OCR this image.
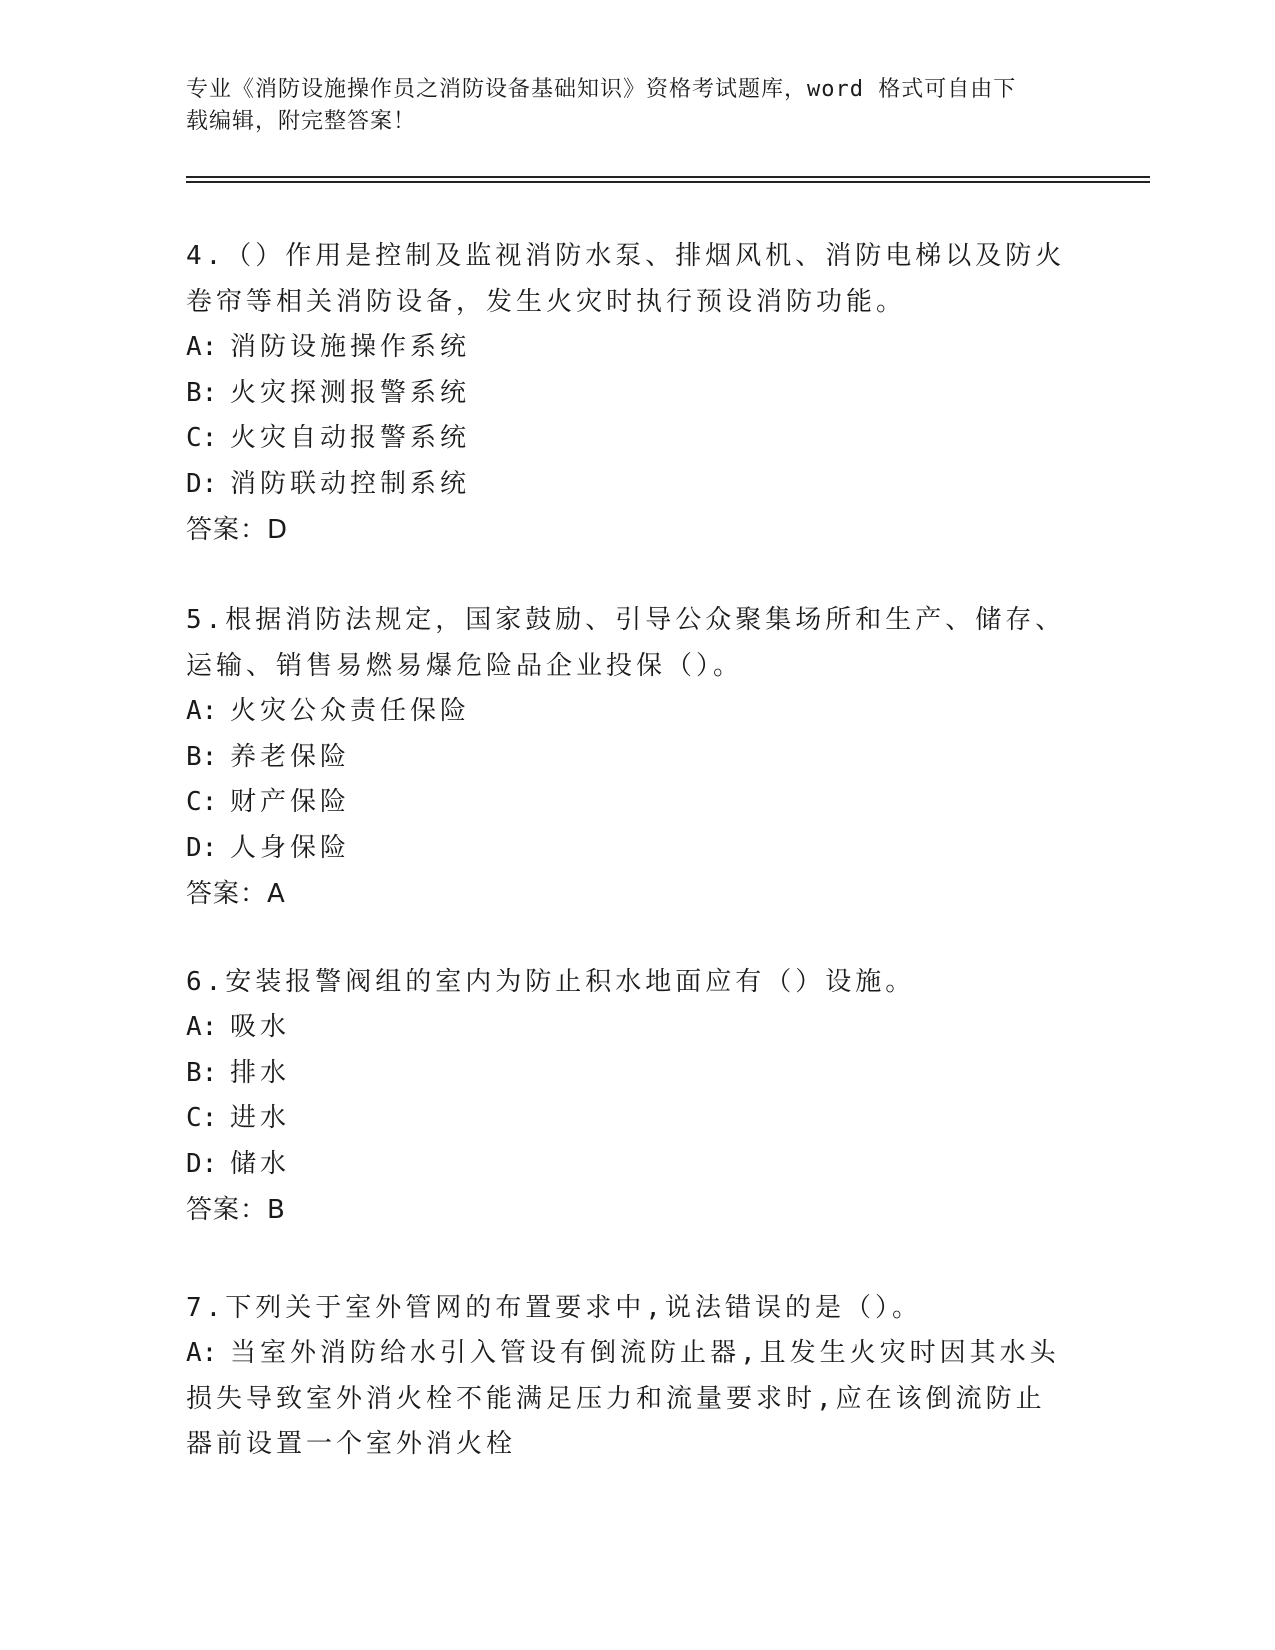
专业《消防设施操作员之消防设备基础知识》资格考试题库，word 格式可自由下
载编辑，附完整答案！
4.（）作用是控制及监视消防水泵、排烟风机、消防电梯以及防火卷帘等相关消防设备，发生火灾时执行预设消防功能。
A: 消防设施操作系统
B: 火灾探测报警系统
C: 火灾自动报警系统
D: 消防联动控制系统
答案：D
5.根据消防法规定，国家鼓励、引导公众聚集场所和生产、储存、运输、销售易燃易爆危险品企业投保（）。
A: 火灾公众责任保险
B: 养老保险
C: 财产保险
D: 人身保险
答案：A
6.安装报警阀组的室内为防止积水地面应有（）设施。
A: 吸水
B: 排水
C: 进水
D: 储水
答案：B
7.下列关于室外管网的布置要求中,说法错误的是（）。
A: 当室外消防给水引入管设有倒流防止器,且发生火灾时因其水头损失导致室外消火栓不能满足压力和流量要求时,应在该倒流防止器前设置一个室外消火栓
